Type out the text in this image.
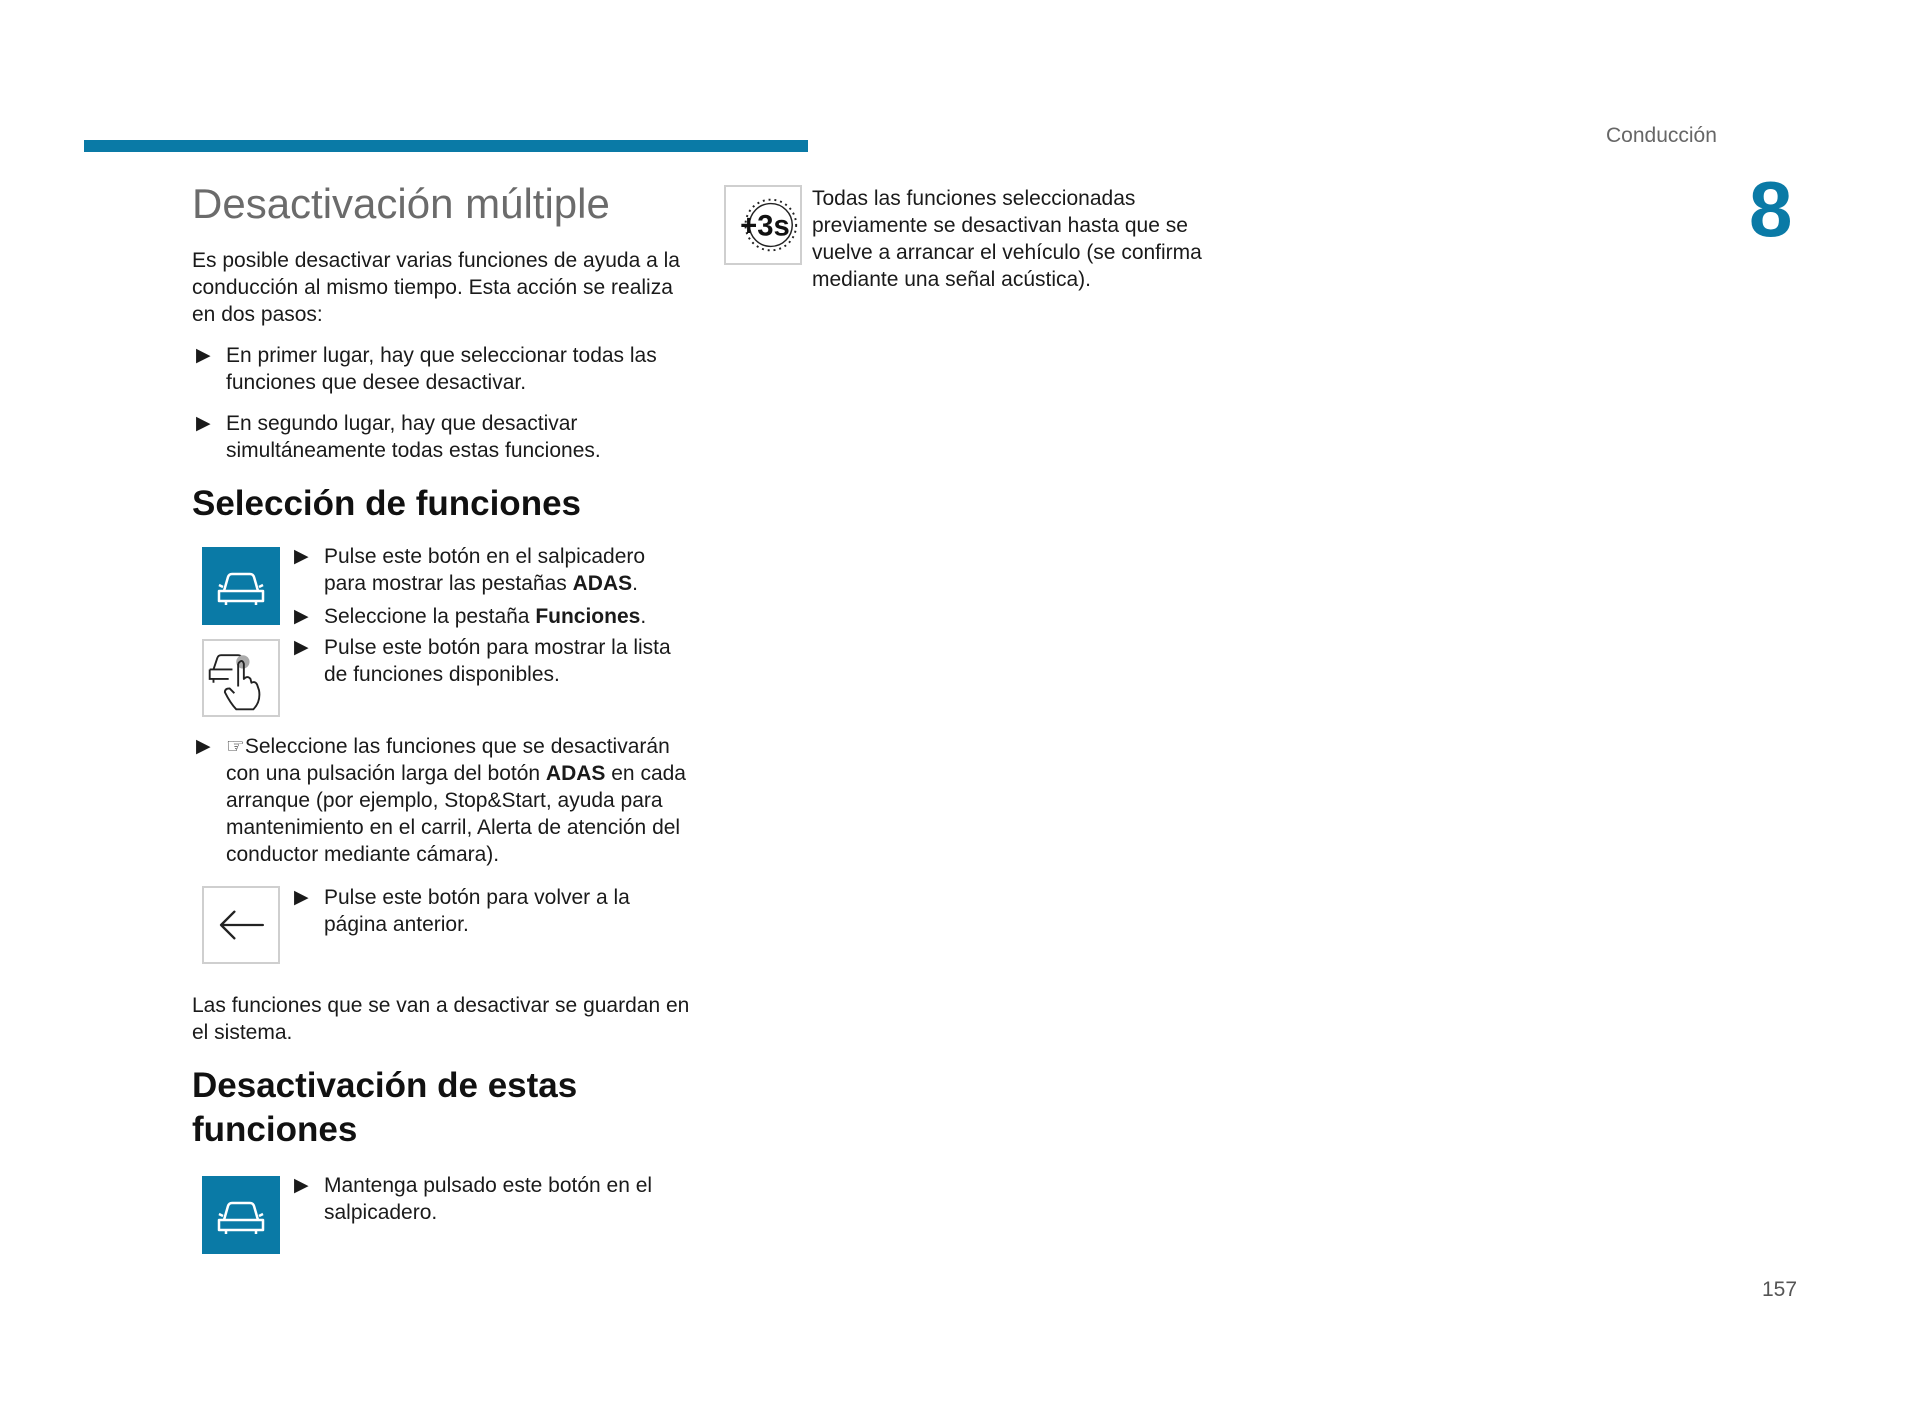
Conducción
8
Desactivación múltiple

Es posible desactivar varias funciones de ayuda a la conducción al mismo tiempo. Esta acción se realiza en dos pasos:

▶ En primer lugar, hay que seleccionar todas las funciones que desee desactivar.
▶ En segundo lugar, hay que desactivar simultáneamente todas estas funciones.
Selección de funciones
▶ Pulse este botón en el salpicadero para mostrar las pestañas ADAS.
▶ Seleccione la pestaña Funciones.
▶ Pulse este botón para mostrar la lista de funciones disponibles.
▶ ☞Seleccione las funciones que se desactivarán con una pulsación larga del botón ADAS en cada arranque (por ejemplo, Stop&Start, ayuda para mantenimiento en el carril, Alerta de atención del conductor mediante cámara).
▶ Pulse este botón para volver a la página anterior.

Las funciones que se van a desactivar se guardan en el sistema.

Desactivación de estas
funciones
▶ Mantenga pulsado este botón en el salpicadero.
+3s

Todas las funciones seleccionadas previamente se desactivan hasta que se vuelve a arrancar el vehículo (se confirma mediante una señal acústica).

157
